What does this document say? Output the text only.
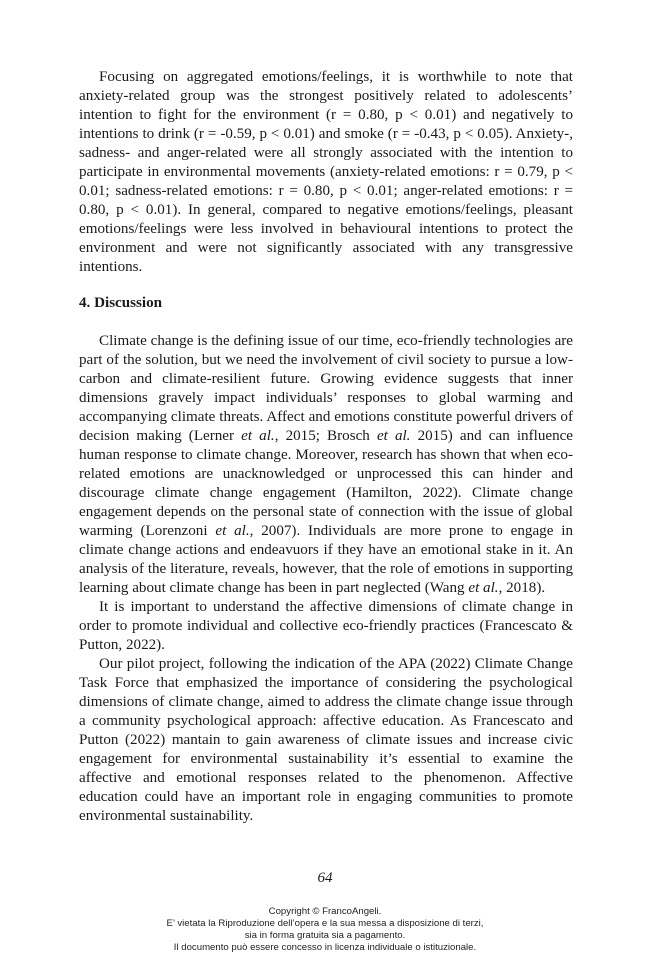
Focusing on aggregated emotions/feelings, it is worthwhile to note that anxiety-related group was the strongest positively related to adolescents’ intention to fight for the environment (r = 0.80, p < 0.01) and negatively to intentions to drink (r = -0.59, p < 0.01) and smoke (r = -0.43, p < 0.05). Anxiety-, sadness- and anger-related were all strongly associated with the intention to participate in environmental movements (anxiety-related emotions: r = 0.79, p < 0.01; sadness-related emotions: r = 0.80, p < 0.01; anger-related emotions: r = 0.80, p < 0.01). In general, compared to negative emotions/feelings, pleasant emotions/feelings were less involved in behavioural intentions to protect the environment and were not significantly associated with any transgressive intentions.

4. Discussion

Climate change is the defining issue of our time, eco-friendly technologies are part of the solution, but we need the involvement of civil society to pursue a low-carbon and climate-resilient future. Growing evidence suggests that inner dimensions gravely impact individuals’ responses to global warming and accompanying climate threats. Affect and emotions constitute powerful drivers of decision making (Lerner et al., 2015; Brosch et al. 2015) and can influence human response to climate change. Moreover, research has shown that when eco-related emotions are unacknowledged or unprocessed this can hinder and discourage climate change engagement (Hamilton, 2022). Climate change engagement depends on the personal state of connection with the issue of global warming (Lorenzoni et al., 2007). Individuals are more prone to engage in climate change actions and endeavuors if they have an emotional stake in it. An analysis of the literature, reveals, however, that the role of emotions in supporting learning about climate change has been in part neglected (Wang et al., 2018).

It is important to understand the affective dimensions of climate change in order to promote individual and collective eco-friendly practices (Francescato & Putton, 2022).

Our pilot project, following the indication of the APA (2022) Climate Change Task Force that emphasized the importance of considering the psychological dimensions of climate change, aimed to address the climate change issue through a community psychological approach: affective education. As Francescato and Putton (2022) mantain to gain awareness of climate issues and increase civic engagement for environmental sustainability it’s essential to examine the affective and emotional responses related to the phenomenon. Affective education could have an important role in engaging communities to promote environmental sustainability.

64
Copyright © FrancoAngeli.
E’ vietata la Riproduzione dell’opera e la sua messa a disposizione di terzi,
sia in forma gratuita sia a pagamento.
Il documento può essere concesso in licenza individuale o istituzionale.
